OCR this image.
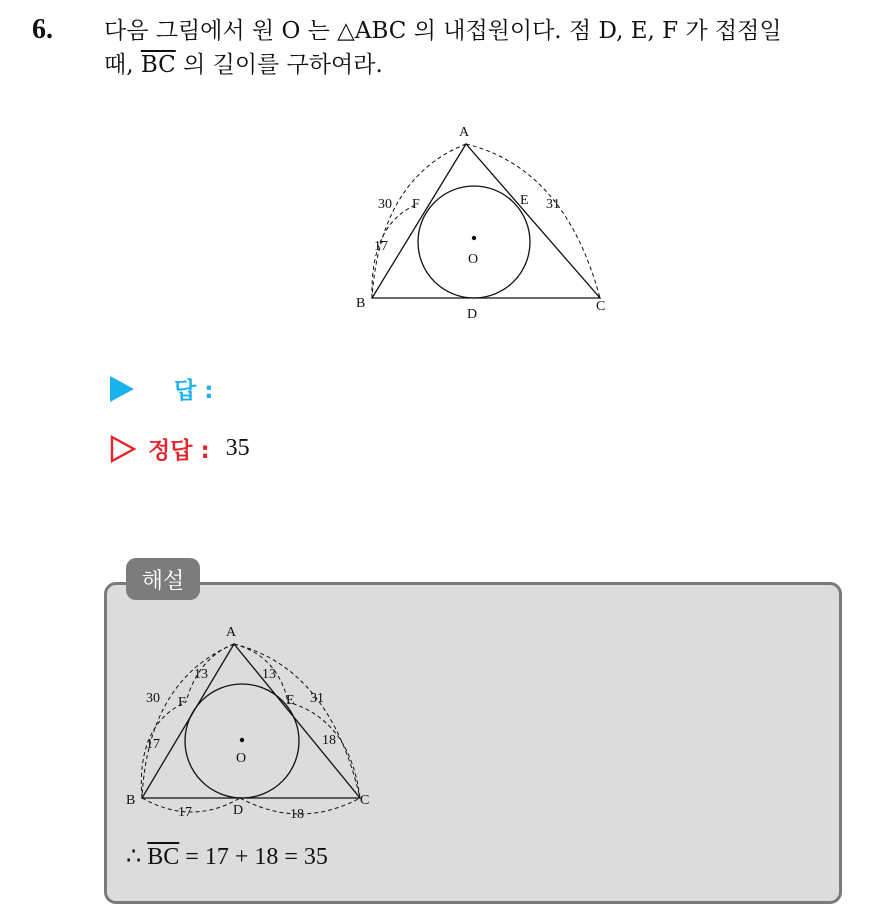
6. 다음 그림에서 원 O 는 △ABC 의 내접원이다. 점 D, E, F 가 접점일
때, $\overline{BC}$ 의 길이를 구하여라.
A
B	C
D
E
F
O
30	31
17
답 :
정답 : 35
해설
A
B	C
D
E
F
O
13	13
30	31
17	18
17	18
∴ $\overline{BC} = 17 + 18 = 35$
